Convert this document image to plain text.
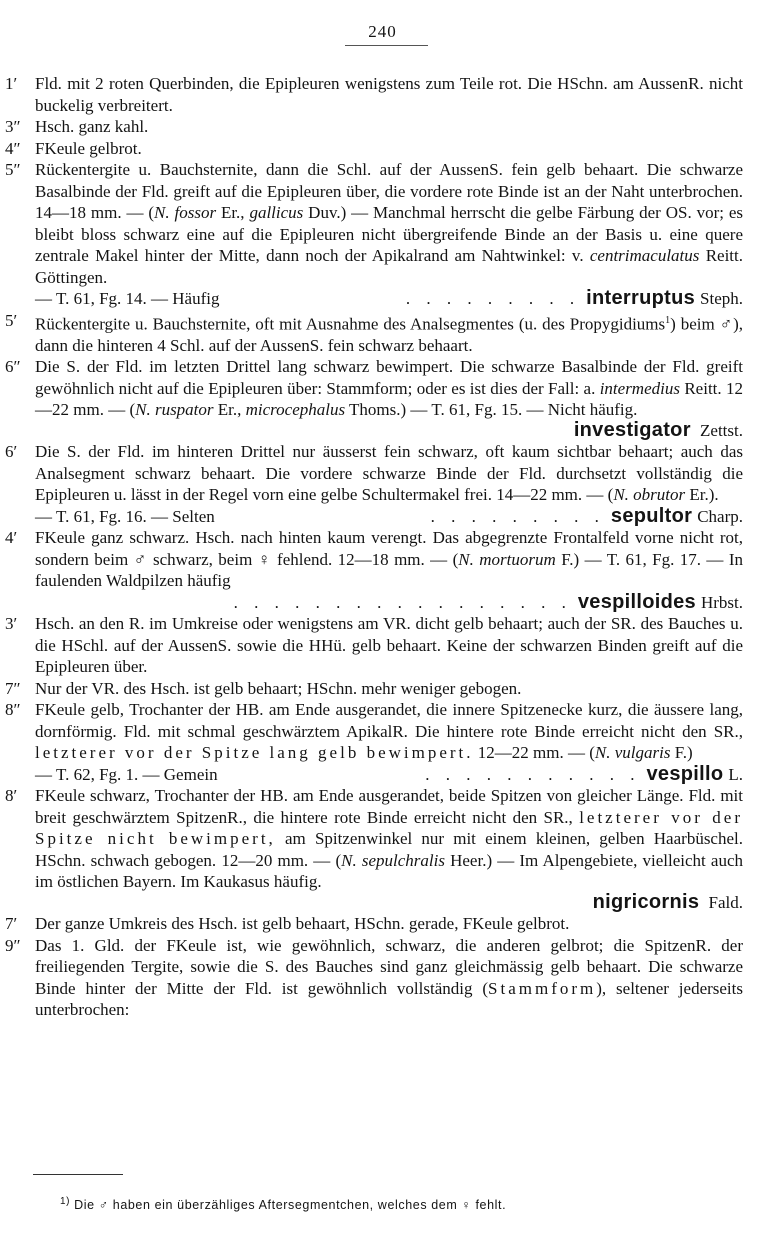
240
1′	Fld. mit 2 roten Querbinden, die Epipleuren wenigstens zum Teile rot. Die HSchn. am AussenR. nicht buckelig verbreitert.
3″ Hsch. ganz kahl.
4″ FKeule gelbrot.
5″ Rückentergite u. Bauchsternite, dann die Schl. auf der AussenS. fein gelb behaart. Die schwarze Basalbinde der Fld. greift auf die Epipleuren über, die vordere rote Binde ist an der Naht unterbrochen. 14—18 mm. — (N. fossor Er., gallicus Duv.) — Manchmal herrscht die gelbe Färbung der OS. vor; es bleibt bloss schwarz eine auf die Epipleuren nicht übergreifende Binde an der Basis u. eine quere zentrale Makel hinter der Mitte, dann noch der Apikalrand am Nahtwinkel: v. centrimaculatus Reitt. Göttingen.
— T. 61, Fg. 14. — Häufig	. . . . . . . . . interruptus Steph.
5′	Rückentergite u. Bauchsternite, oft mit Ausnahme des Analsegmentes (u. des Propygidiums$^1$) beim ♂), dann die hinteren 4 Schl. auf der AussenS. fein schwarz behaart.
6″ Die S. der Fld. im letzten Drittel lang schwarz bewimpert. Die schwarze Basalbinde der Fld. greift gewöhnlich nicht auf die Epipleuren über: Stammform; oder es ist dies der Fall: a. intermedius Reitt. 12—22 mm. — (N. ruspator Er., microcephalus Thoms.) — T. 61, Fg. 15. — Nicht häufig.
investigator Zettst.
6′	Die S. der Fld. im hinteren Drittel nur äusserst fein schwarz, oft kaum sichtbar behaart; auch das Analsegment schwarz behaart. Die vordere schwarze Binde der Fld. durchsetzt vollständig die Epipleuren u. lässt in der Regel vorn eine gelbe Schultermakel frei. 14—22 mm. — (N. obrutor Er.).
— T. 61, Fg. 16. — Selten	. . . . . . . . . sepultor Charp.
4′	FKeule ganz schwarz. Hsch. nach hinten kaum verengt. Das abgegrenzte Frontalfeld vorne nicht rot, sondern beim ♂ schwarz, beim ♀ fehlend. 12—18 mm. — (N. mortuorum F.) — T. 61, Fg. 17. — In faulenden Waldpilzen häufig
. . . . . . . . . . . . . . . . . vespilloides Hrbst.
3′	Hsch. an den R. im Umkreise oder wenigstens am VR. dicht gelb behaart; auch der SR. des Bauches u. die HSchl. auf der AussenS. sowie die HHü. gelb behaart. Keine der schwarzen Binden greift auf die Epipleuren über.
7″ Nur der VR. des Hsch. ist gelb behaart; HSchn. mehr weniger gebogen.
8″ FKeule gelb, Trochanter der HB. am Ende ausgerandet, die innere Spitzenecke kurz, die äussere lang, dornförmig. Fld. mit schmal geschwärztem ApikalR. Die hintere rote Binde erreicht nicht den SR., letzterer vor der Spitze lang gelb bewimpert. 12—22 mm. — (N. vulgaris F.)
— T. 62, Fg. 1. — Gemein	. . . . . . . . . . . vespillo L.
8′	FKeule schwarz, Trochanter der HB. am Ende ausgerandet, beide Spitzen von gleicher Länge. Fld. mit breit geschwärztem SpitzenR., die hintere rote Binde erreicht nicht den SR., letzterer vor der Spitze nicht bewimpert, am Spitzenwinkel nur mit einem kleinen, gelben Haarbüschel. HSchn. schwach gebogen. 12—20 mm. — (N. sepulchralis Heer.) — Im Alpengebiete, vielleicht auch im östlichen Bayern. Im Kaukasus häufig.
nigricornis Fald.
7′	Der ganze Umkreis des Hsch. ist gelb behaart, HSchn. gerade, FKeule gelbrot.
9″ Das 1. Gld. der FKeule ist, wie gewöhnlich, schwarz, die anderen gelbrot; die SpitzenR. der freiliegenden Tergite, sowie die S. des Bauches sind ganz gleichmässig gelb behaart. Die schwarze Binde hinter der Mitte der Fld. ist gewöhnlich vollständig (Stammform), seltener jederseits unterbrochen:
$^{1)}$ Die ♂ haben ein überzähliges Aftersegmentchen, welches dem ♀ fehlt.
